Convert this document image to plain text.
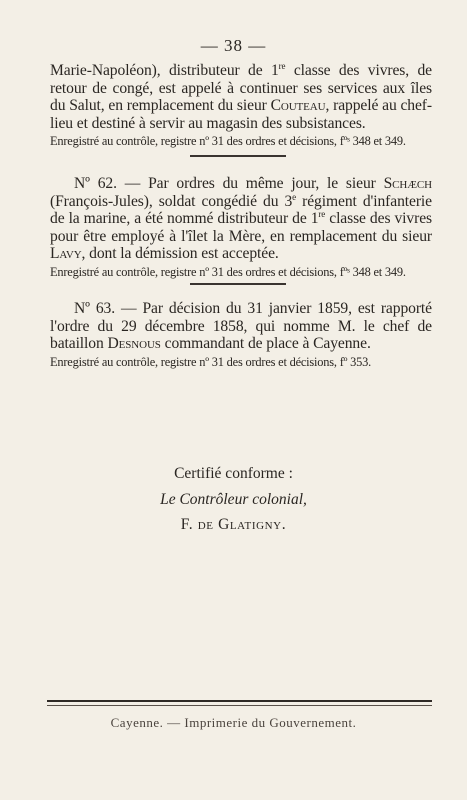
— 38 —

Marie-Napoléon), distributeur de 1re classe des vivres, de retour de congé, est appelé à continuer ses services aux îles du Salut, en remplacement du sieur Couteau, rappelé au chef-lieu et destiné à servir au magasin des subsistances.

Enregistré au contrôle, registre nº 31 des ordres et décisions, fºˢ 348 et 349.

Nº 62. — Par ordres du même jour, le sieur Schæch (François-Jules), soldat congédié du 3e régiment d'infanterie de la marine, a été nommé distributeur de 1re classe des vivres pour être employé à l'îlet la Mère, en remplacement du sieur Lavy, dont la démission est acceptée.

Enregistré au contrôle, registre nº 31 des ordres et décisions, fºˢ 348 et 349.

Nº 63. — Par décision du 31 janvier 1859, est rapporté l'ordre du 29 décembre 1858, qui nomme M. le chef de bataillon Desnous commandant de place à Cayenne.

Enregistré au contrôle, registre nº 31 des ordres et décisions, fº 353.

Certifié conforme :
Le Contrôleur colonial,
F. de Glatigny.
Cayenne. — Imprimerie du Gouvernement.
